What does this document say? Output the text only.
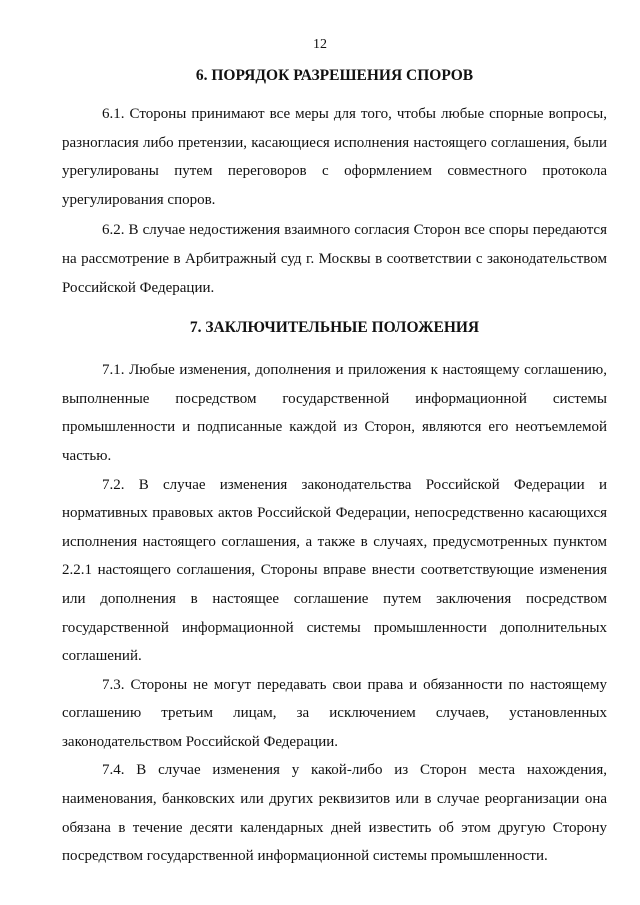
12
6. ПОРЯДОК РАЗРЕШЕНИЯ СПОРОВ

6.1. Стороны принимают все меры для того, чтобы любые спорные вопросы, разногласия либо претензии, касающиеся исполнения настоящего соглашения, были урегулированы путем переговоров с оформлением совместного протокола урегулирования споров.

6.2. В случае недостижения взаимного согласия Сторон все споры передаются на рассмотрение в Арбитражный суд г. Москвы в соответствии с законодательством Российской Федерации.

7. ЗАКЛЮЧИТЕЛЬНЫЕ ПОЛОЖЕНИЯ

7.1. Любые изменения, дополнения и приложения к настоящему соглашению, выполненные посредством государственной информационной системы промышленности и подписанные каждой из Сторон, являются его неотъемлемой частью.

7.2. В случае изменения законодательства Российской Федерации и нормативных правовых актов Российской Федерации, непосредственно касающихся исполнения настоящего соглашения, а также в случаях, предусмотренных пунктом 2.2.1 настоящего соглашения, Стороны вправе внести соответствующие изменения или дополнения в настоящее соглашение путем заключения посредством государственной информационной системы промышленности дополнительных соглашений.

7.3. Стороны не могут передавать свои права и обязанности по настоящему соглашению третьим лицам, за исключением случаев, установленных законодательством Российской Федерации.

7.4. В случае изменения у какой-либо из Сторон места нахождения, наименования, банковских или других реквизитов или в случае реорганизации она обязана в течение десяти календарных дней известить об этом другую Сторону посредством государственной информационной системы промышленности.
